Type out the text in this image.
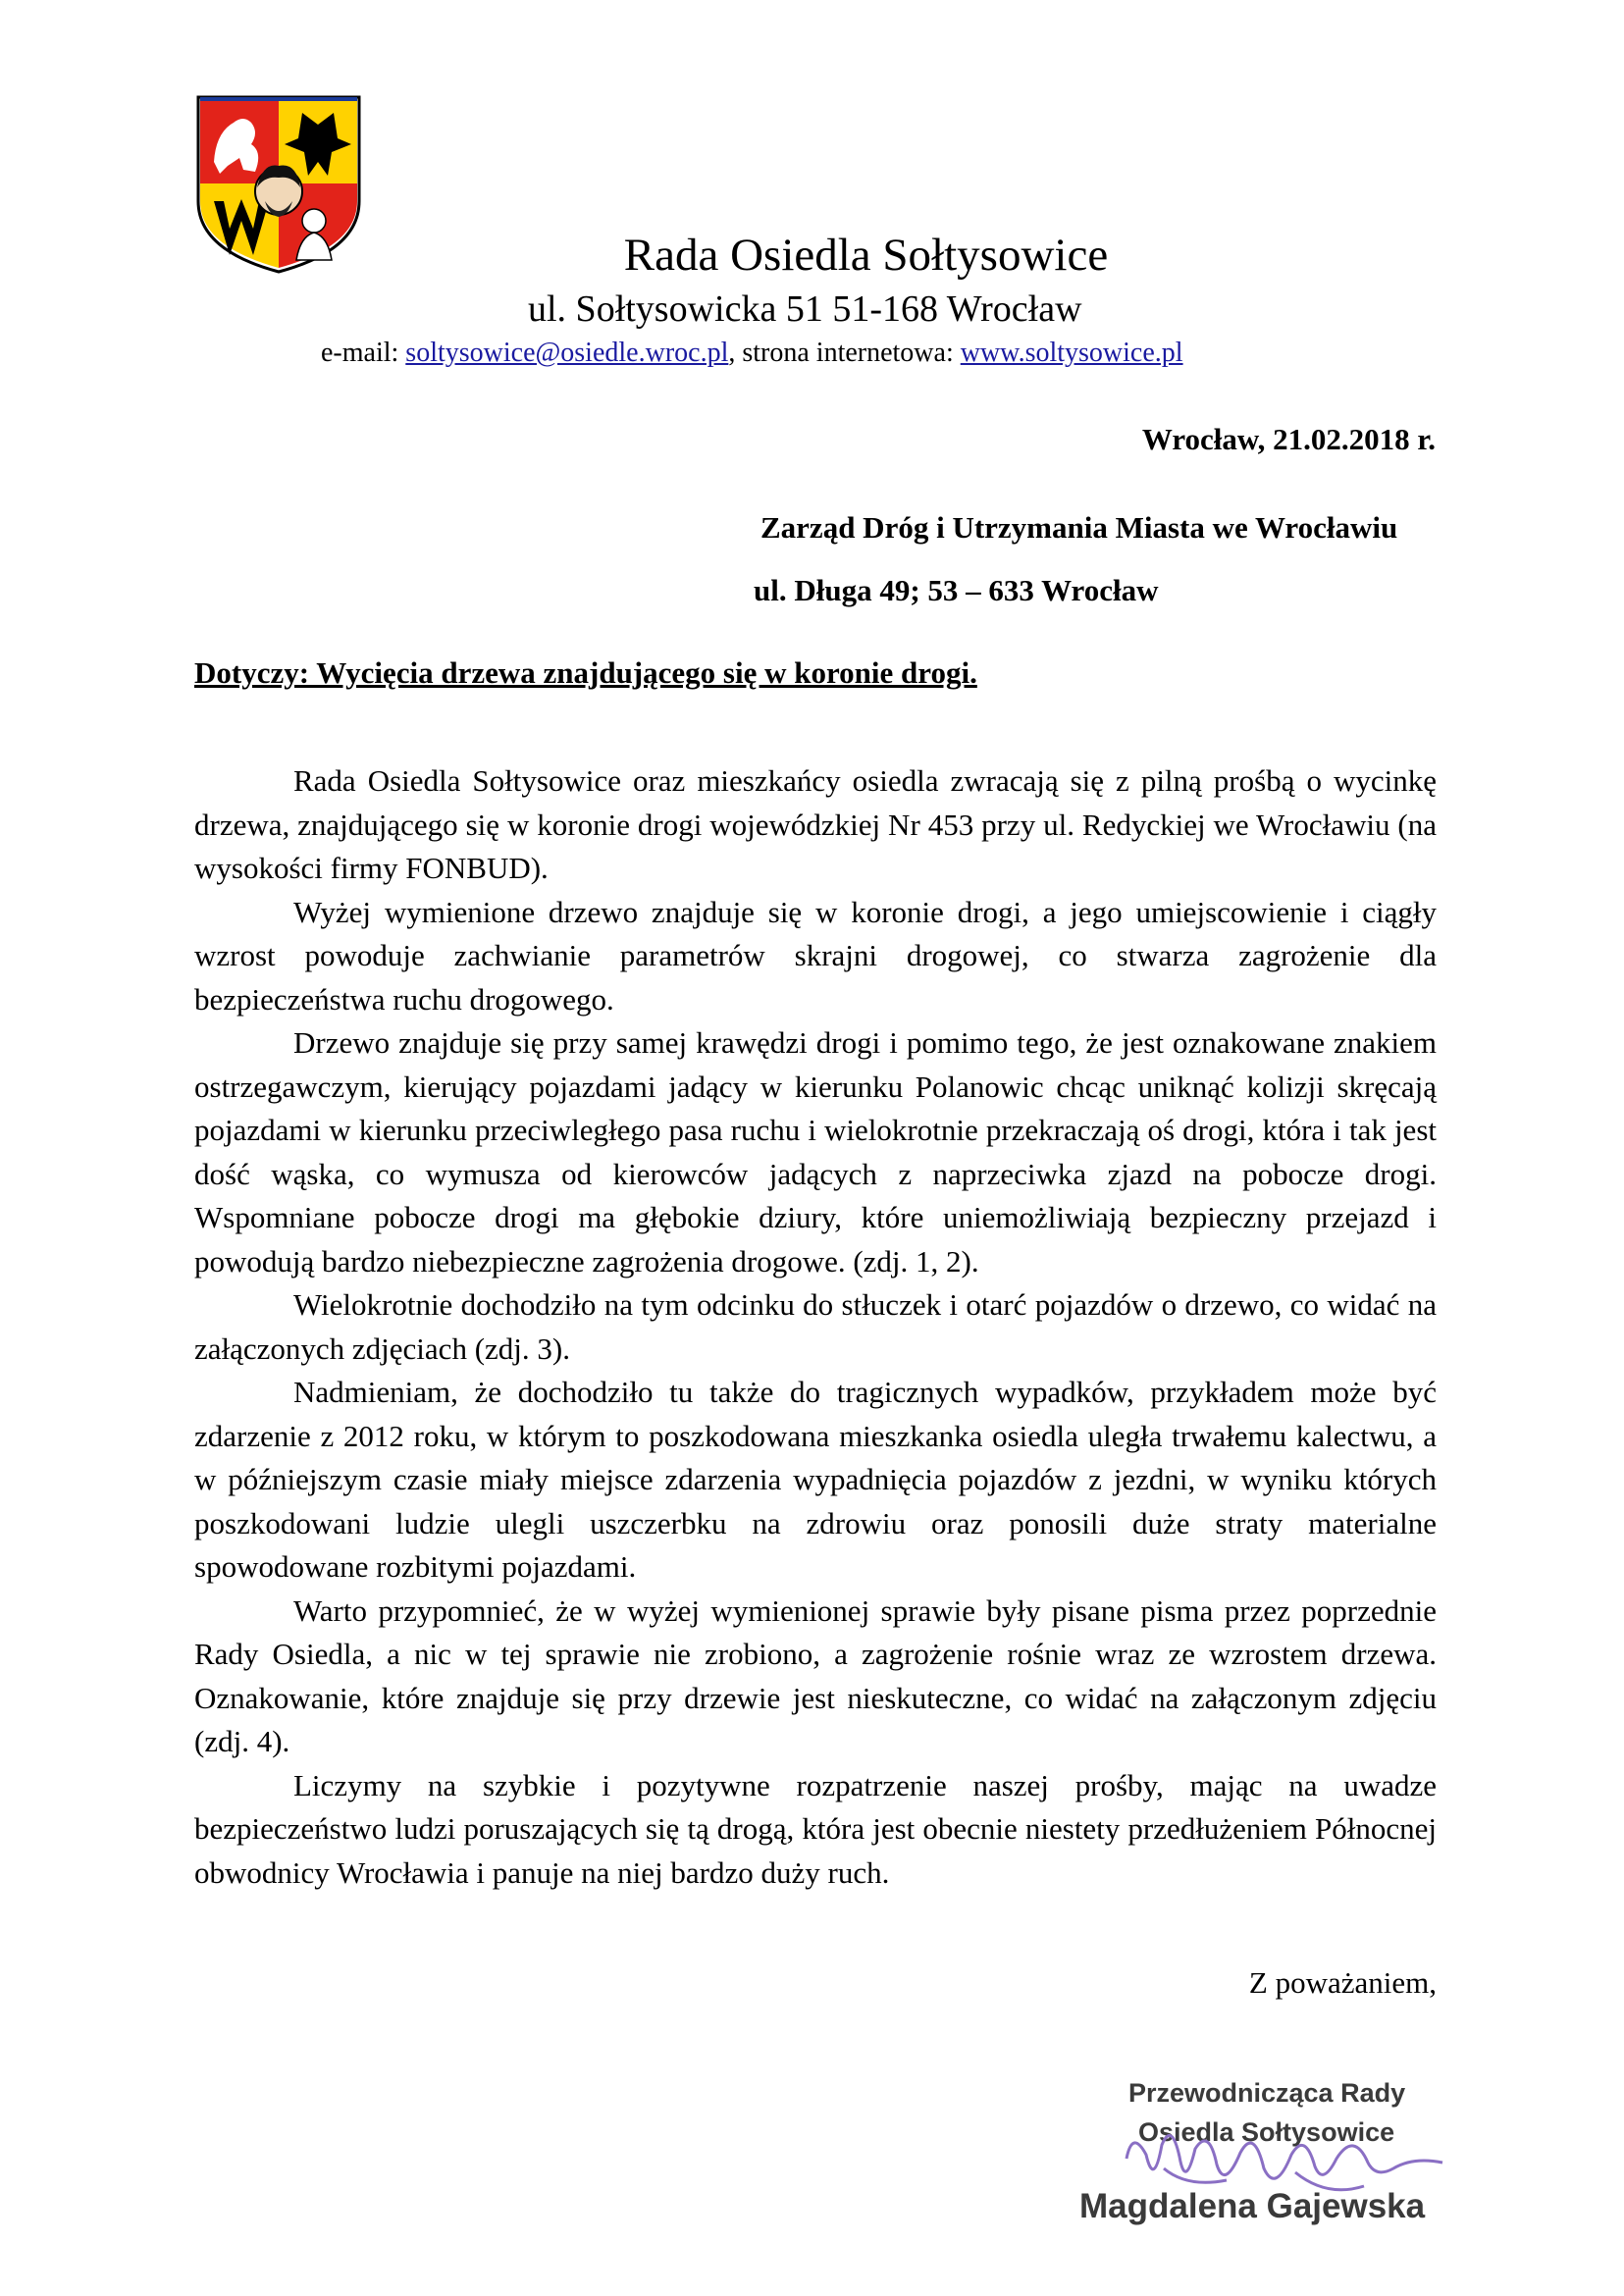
Rada Osiedla Sołtysowice
ul. Sołtysowicka 51 51-168 Wrocław
e-mail: soltysowice@osiedle.wroc.pl, strona internetowa: www.soltysowice.pl
Wrocław, 21.02.2018 r.
Zarząd Dróg i Utrzymania Miasta we Wrocławiu
ul. Długa 49; 53 – 633 Wrocław
Dotyczy: Wycięcia drzewa znajdującego się w koronie drogi.

Rada Osiedla Sołtysowice oraz mieszkańcy osiedla zwracają się z pilną prośbą o wycinkę drzewa, znajdującego się w koronie drogi wojewódzkiej Nr 453 przy ul. Redyckiej we Wrocławiu (na wysokości firmy FONBUD).

Wyżej wymienione drzewo znajduje się w koronie drogi, a jego umiejscowienie i ciągły wzrost powoduje zachwianie parametrów skrajni drogowej, co stwarza zagrożenie dla bezpieczeństwa ruchu drogowego.

Drzewo znajduje się przy samej krawędzi drogi i pomimo tego, że jest oznakowane znakiem ostrzegawczym, kierujący pojazdami jadący w kierunku Polanowic chcąc uniknąć kolizji skręcają pojazdami w kierunku przeciwległego pasa ruchu i wielokrotnie przekraczają oś drogi, która i tak jest dość wąska, co wymusza od kierowców jadących z naprzeciwka zjazd na pobocze drogi. Wspomniane pobocze drogi ma głębokie dziury, które uniemożliwiają bezpieczny przejazd i powodują bardzo niebezpieczne zagrożenia drogowe. (zdj. 1, 2).

Wielokrotnie dochodziło na tym odcinku do stłuczek i otarć pojazdów o drzewo, co widać na załączonych zdjęciach (zdj. 3).

Nadmieniam, że dochodziło tu także do tragicznych wypadków, przykładem może być zdarzenie z 2012 roku, w którym to poszkodowana mieszkanka osiedla uległa trwałemu kalectwu, a w późniejszym czasie miały miejsce zdarzenia wypadnięcia pojazdów z jezdni, w wyniku których poszkodowani ludzie ulegli uszczerbku na zdrowiu oraz ponosili duże straty materialne spowodowane rozbitymi pojazdami.

Warto przypomnieć, że w wyżej wymienionej sprawie były pisane pisma przez poprzednie Rady Osiedla, a nic w tej sprawie nie zrobiono, a zagrożenie rośnie wraz ze wzrostem drzewa. Oznakowanie, które znajduje się przy drzewie jest nieskuteczne, co widać na załączonym zdjęciu (zdj. 4).

Liczymy na szybkie i pozytywne rozpatrzenie naszej prośby, mając na uwadze bezpieczeństwo ludzi poruszających się tą drogą, która jest obecnie niestety przedłużeniem Północnej obwodnicy Wrocławia i panuje na niej bardzo duży ruch.

Z poważaniem,
Przewodnicząca Rady
Osiedla Sołtysowice
Magdalena Gajewska
